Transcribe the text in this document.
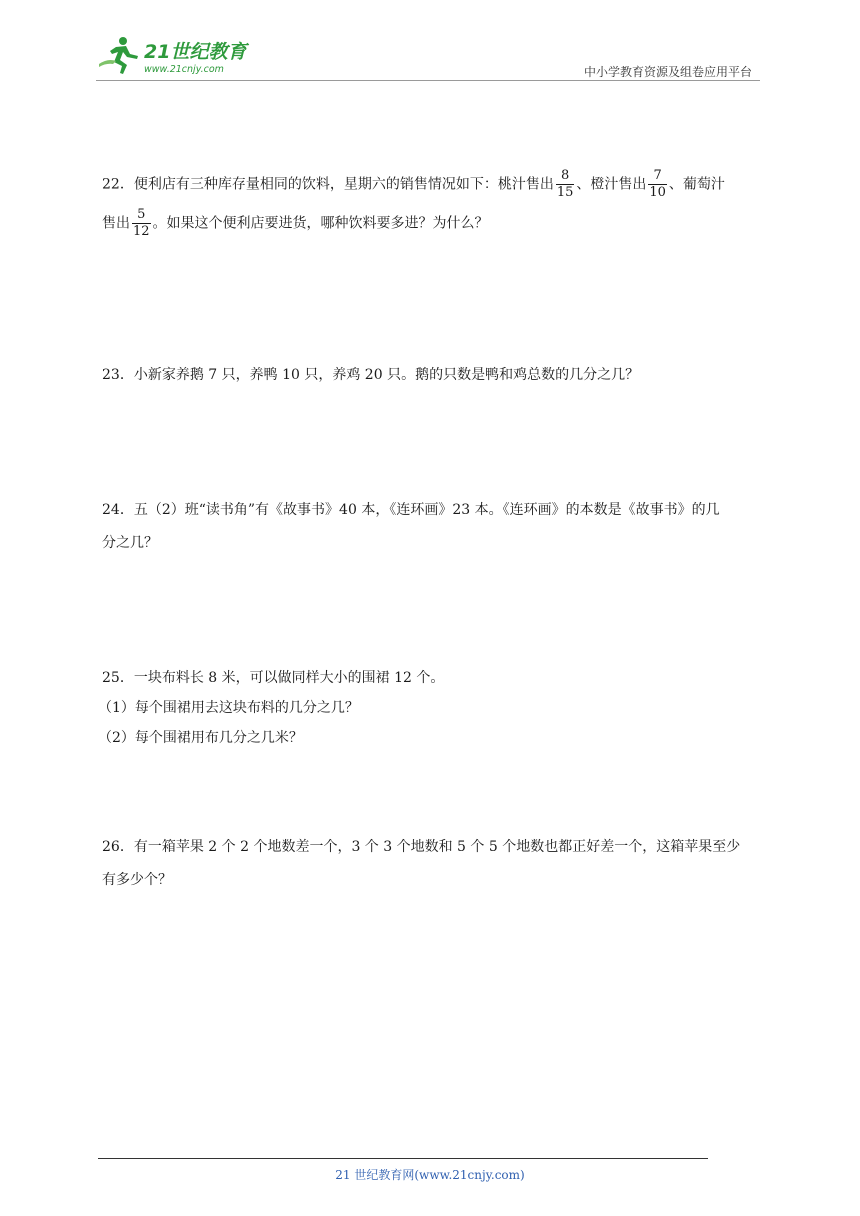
21世纪教育
www.21cnjy.com	中小学教育资源及组卷应用平台
22．便利店有三种库存量相同的饮料，星期六的销售情况如下：桃汁售出 $\frac{8}{15}$ 、橙汁售出 $\frac{7}{10}$ 、葡萄汁
售出 $\frac{5}{12}$ 。如果这个便利店要进货，哪种饮料要多进？为什么？
23．小新家养鹅 7 只，养鸭 10 只，养鸡 20 只。鹅的只数是鸭和鸡总数的几分之几？
24．五（2）班“读书角”有《故事书》40 本，《连环画》23 本。《连环画》的本数是《故事书》的几
分之几？
25．一块布料长 8 米，可以做同样大小的围裙 12 个。
（1）每个围裙用去这块布料的几分之几？
（2）每个围裙用布几分之几米？
26．有一箱苹果 2 个 2 个地数差一个，3 个 3 个地数和 5 个 5 个地数也都正好差一个，这箱苹果至少
有多少个？
21 世纪教育网(www.21cnjy.com)
